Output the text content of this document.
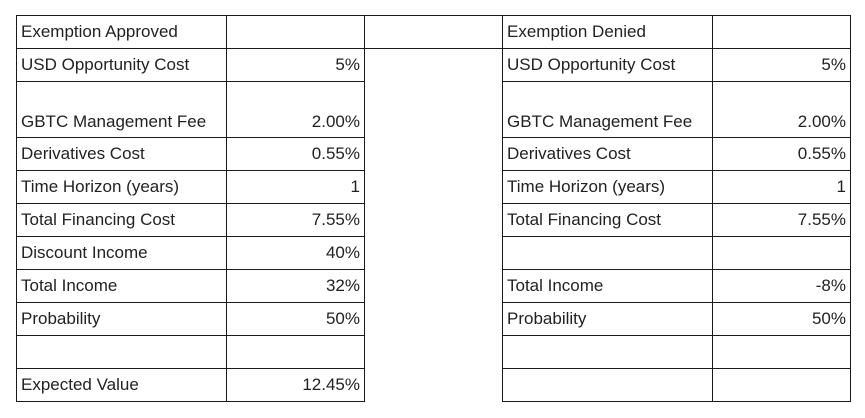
Exemption Approved			Exemption Denied	
USD Opportunity Cost	5%		USD Opportunity Cost	5%
GBTC Management Fee	2.00%		GBTC Management Fee	2.00%
Derivatives Cost	0.55%		Derivatives Cost	0.55%
Time Horizon (years)	1		Time Horizon (years)	1
Total Financing Cost	7.55%		Total Financing Cost	7.55%
Discount Income	40%			
Total Income	32%		Total Income	-8%
Probability	50%		Probability	50%

Expected Value	12.45%			
